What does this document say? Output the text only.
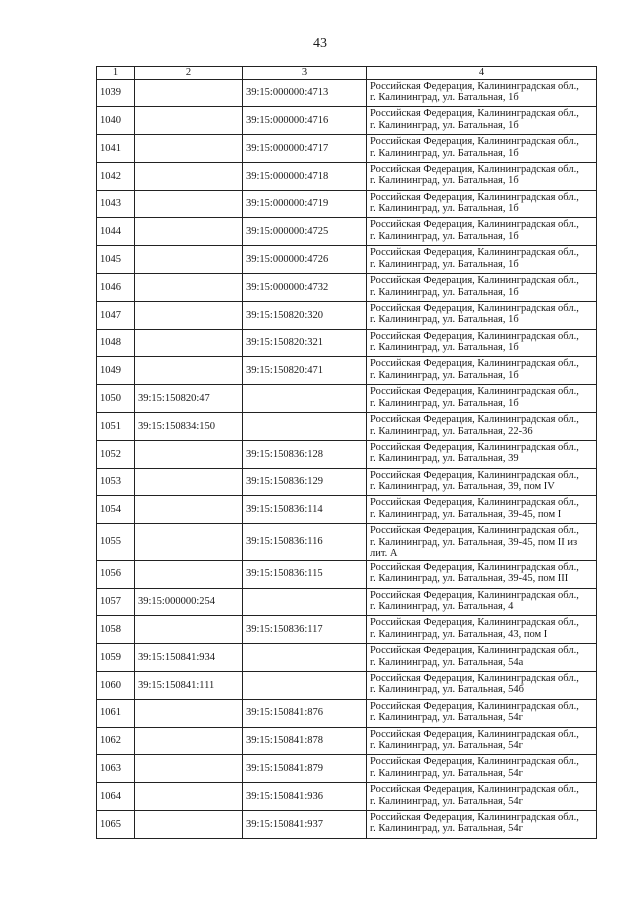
43
1	2	3	4
1039		39:15:000000:4713	Российская Федерация, Калининградская обл.,
г. Калининград, ул. Батальная, 1б

1040		39:15:000000:4716	Российская Федерация, Калининградская обл.,
г. Калининград, ул. Батальная, 1б

1041		39:15:000000:4717	Российская Федерация, Калининградская обл.,
г. Калининград, ул. Батальная, 1б

1042		39:15:000000:4718	Российская Федерация, Калининградская обл.,
г. Калининград, ул. Батальная, 1б

1043		39:15:000000:4719	Российская Федерация, Калининградская обл.,
г. Калининград, ул. Батальная, 1б

1044		39:15:000000:4725	Российская Федерация, Калининградская обл.,
г. Калининград, ул. Батальная, 1б

1045		39:15:000000:4726	Российская Федерация, Калининградская обл.,
г. Калининград, ул. Батальная, 1б

1046		39:15:000000:4732	Российская Федерация, Калининградская обл.,
г. Калининград, ул. Батальная, 1б

1047		39:15:150820:320	Российская Федерация, Калининградская обл.,
г. Калининград, ул. Батальная, 1б

1048		39:15:150820:321	Российская Федерация, Калининградская обл.,
г. Калининград, ул. Батальная, 1б

1049		39:15:150820:471	Российская Федерация, Калининградская обл.,
г. Калининград, ул. Батальная, 1б

1050	39:15:150820:47		Российская Федерация, Калининградская обл.,
г. Калининград, ул. Батальная, 1б

1051	39:15:150834:150		Российская Федерация, Калининградская обл.,
г. Калининград, ул. Батальная, 22-36

1052		39:15:150836:128	Российская Федерация, Калининградская обл.,
г. Калининград, ул. Батальная, 39

1053		39:15:150836:129	Российская Федерация, Калининградская обл.,
г. Калининград, ул. Батальная, 39, пом IV

1054		39:15:150836:114	Российская Федерация, Калининградская обл.,
г. Калининград, ул. Батальная, 39-45, пом I

1055		39:15:150836:116	Российская Федерация, Калининградская обл.,
г. Калининград, ул. Батальная, 39-45, пом II из
лит. А

1056		39:15:150836:115	Российская Федерация, Калининградская обл.,
г. Калининград, ул. Батальная, 39-45, пом III

1057	39:15:000000:254		Российская Федерация, Калининградская обл.,
г. Калининград, ул. Батальная, 4

1058		39:15:150836:117	Российская Федерация, Калининградская обл.,
г. Калининград, ул. Батальная, 43, пом I

1059	39:15:150841:934		Российская Федерация, Калининградская обл.,
г. Калининград, ул. Батальная, 54а

1060	39:15:150841:111		Российская Федерация, Калининградская обл.,
г. Калининград, ул. Батальная, 54б

1061		39:15:150841:876	Российская Федерация, Калининградская обл.,
г. Калининград, ул. Батальная, 54г

1062		39:15:150841:878	Российская Федерация, Калининградская обл.,
г. Калининград, ул. Батальная, 54г

1063		39:15:150841:879	Российская Федерация, Калининградская обл.,
г. Калининград, ул. Батальная, 54г

1064		39:15:150841:936	Российская Федерация, Калининградская обл.,
г. Калининград, ул. Батальная, 54г

1065		39:15:150841:937	Российская Федерация, Калининградская обл.,
г. Калининград, ул. Батальная, 54г
